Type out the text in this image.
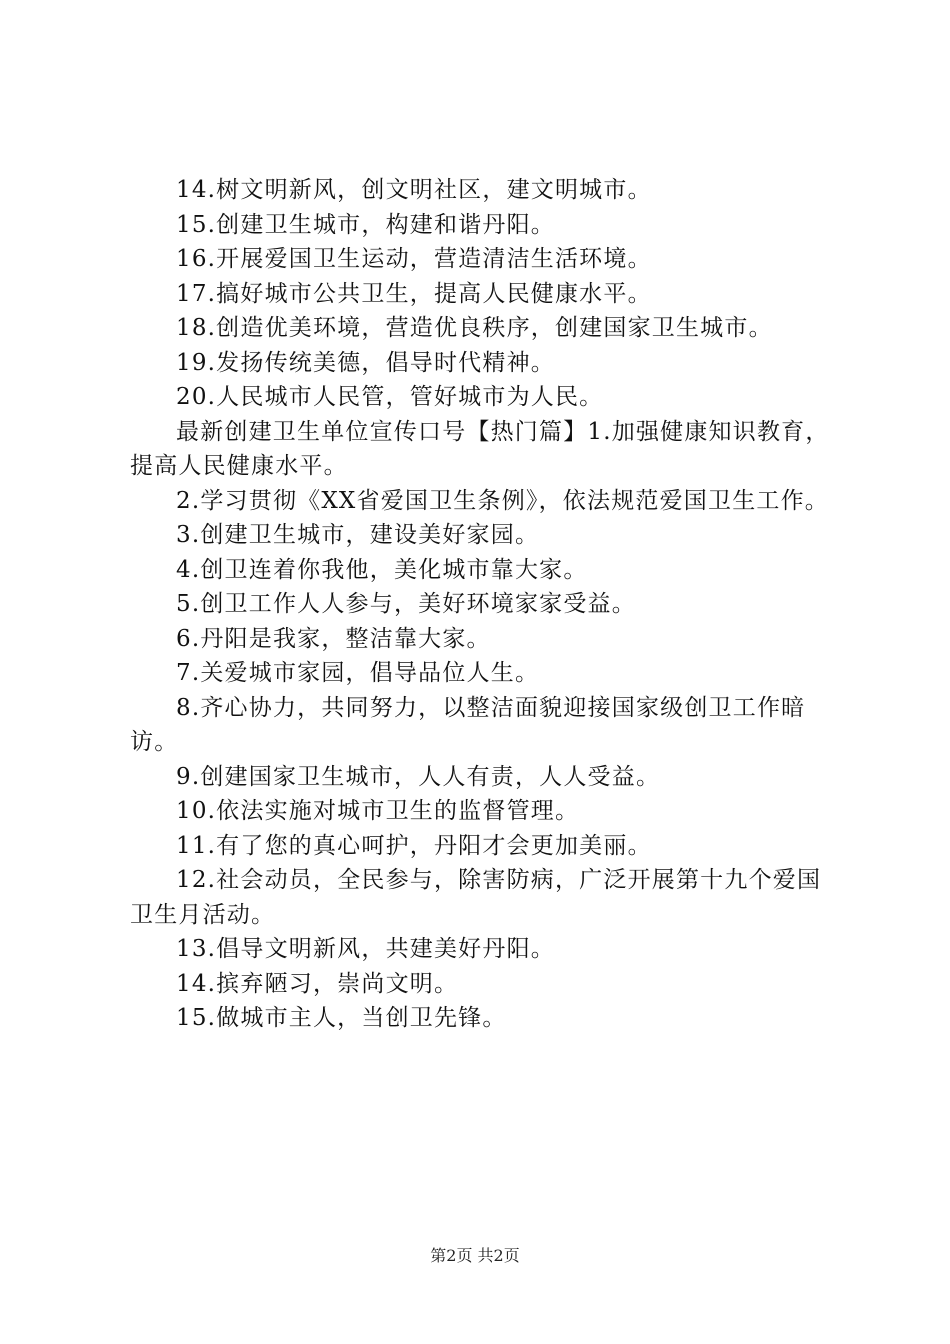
14.树文明新风，创文明社区，建文明城市。

15.创建卫生城市，构建和谐丹阳。

16.开展爱国卫生运动，营造清洁生活环境。

17.搞好城市公共卫生，提高人民健康水平。

18.创造优美环境，营造优良秩序，创建国家卫生城市。

19.发扬传统美德，倡导时代精神。

20.人民城市人民管，管好城市为人民。

最新创建卫生单位宣传口号【热门篇】1.加强健康知识教育，提高人民健康水平。

2.学习贯彻《XX省爱国卫生条例》，依法规范爱国卫生工作。

3.创建卫生城市，建设美好家园。

4.创卫连着你我他，美化城市靠大家。

5.创卫工作人人参与，美好环境家家受益。

6.丹阳是我家，整洁靠大家。

7.关爱城市家园，倡导品位人生。

8.齐心协力，共同努力，以整洁面貌迎接国家级创卫工作暗访。

9.创建国家卫生城市，人人有责，人人受益。

10.依法实施对城市卫生的监督管理。

11.有了您的真心呵护，丹阳才会更加美丽。

12.社会动员，全民参与，除害防病，广泛开展第十九个爱国卫生月活动。

13.倡导文明新风，共建美好丹阳。

14.摈弃陋习，崇尚文明。

15.做城市主人，当创卫先锋。

第2页 共2页
